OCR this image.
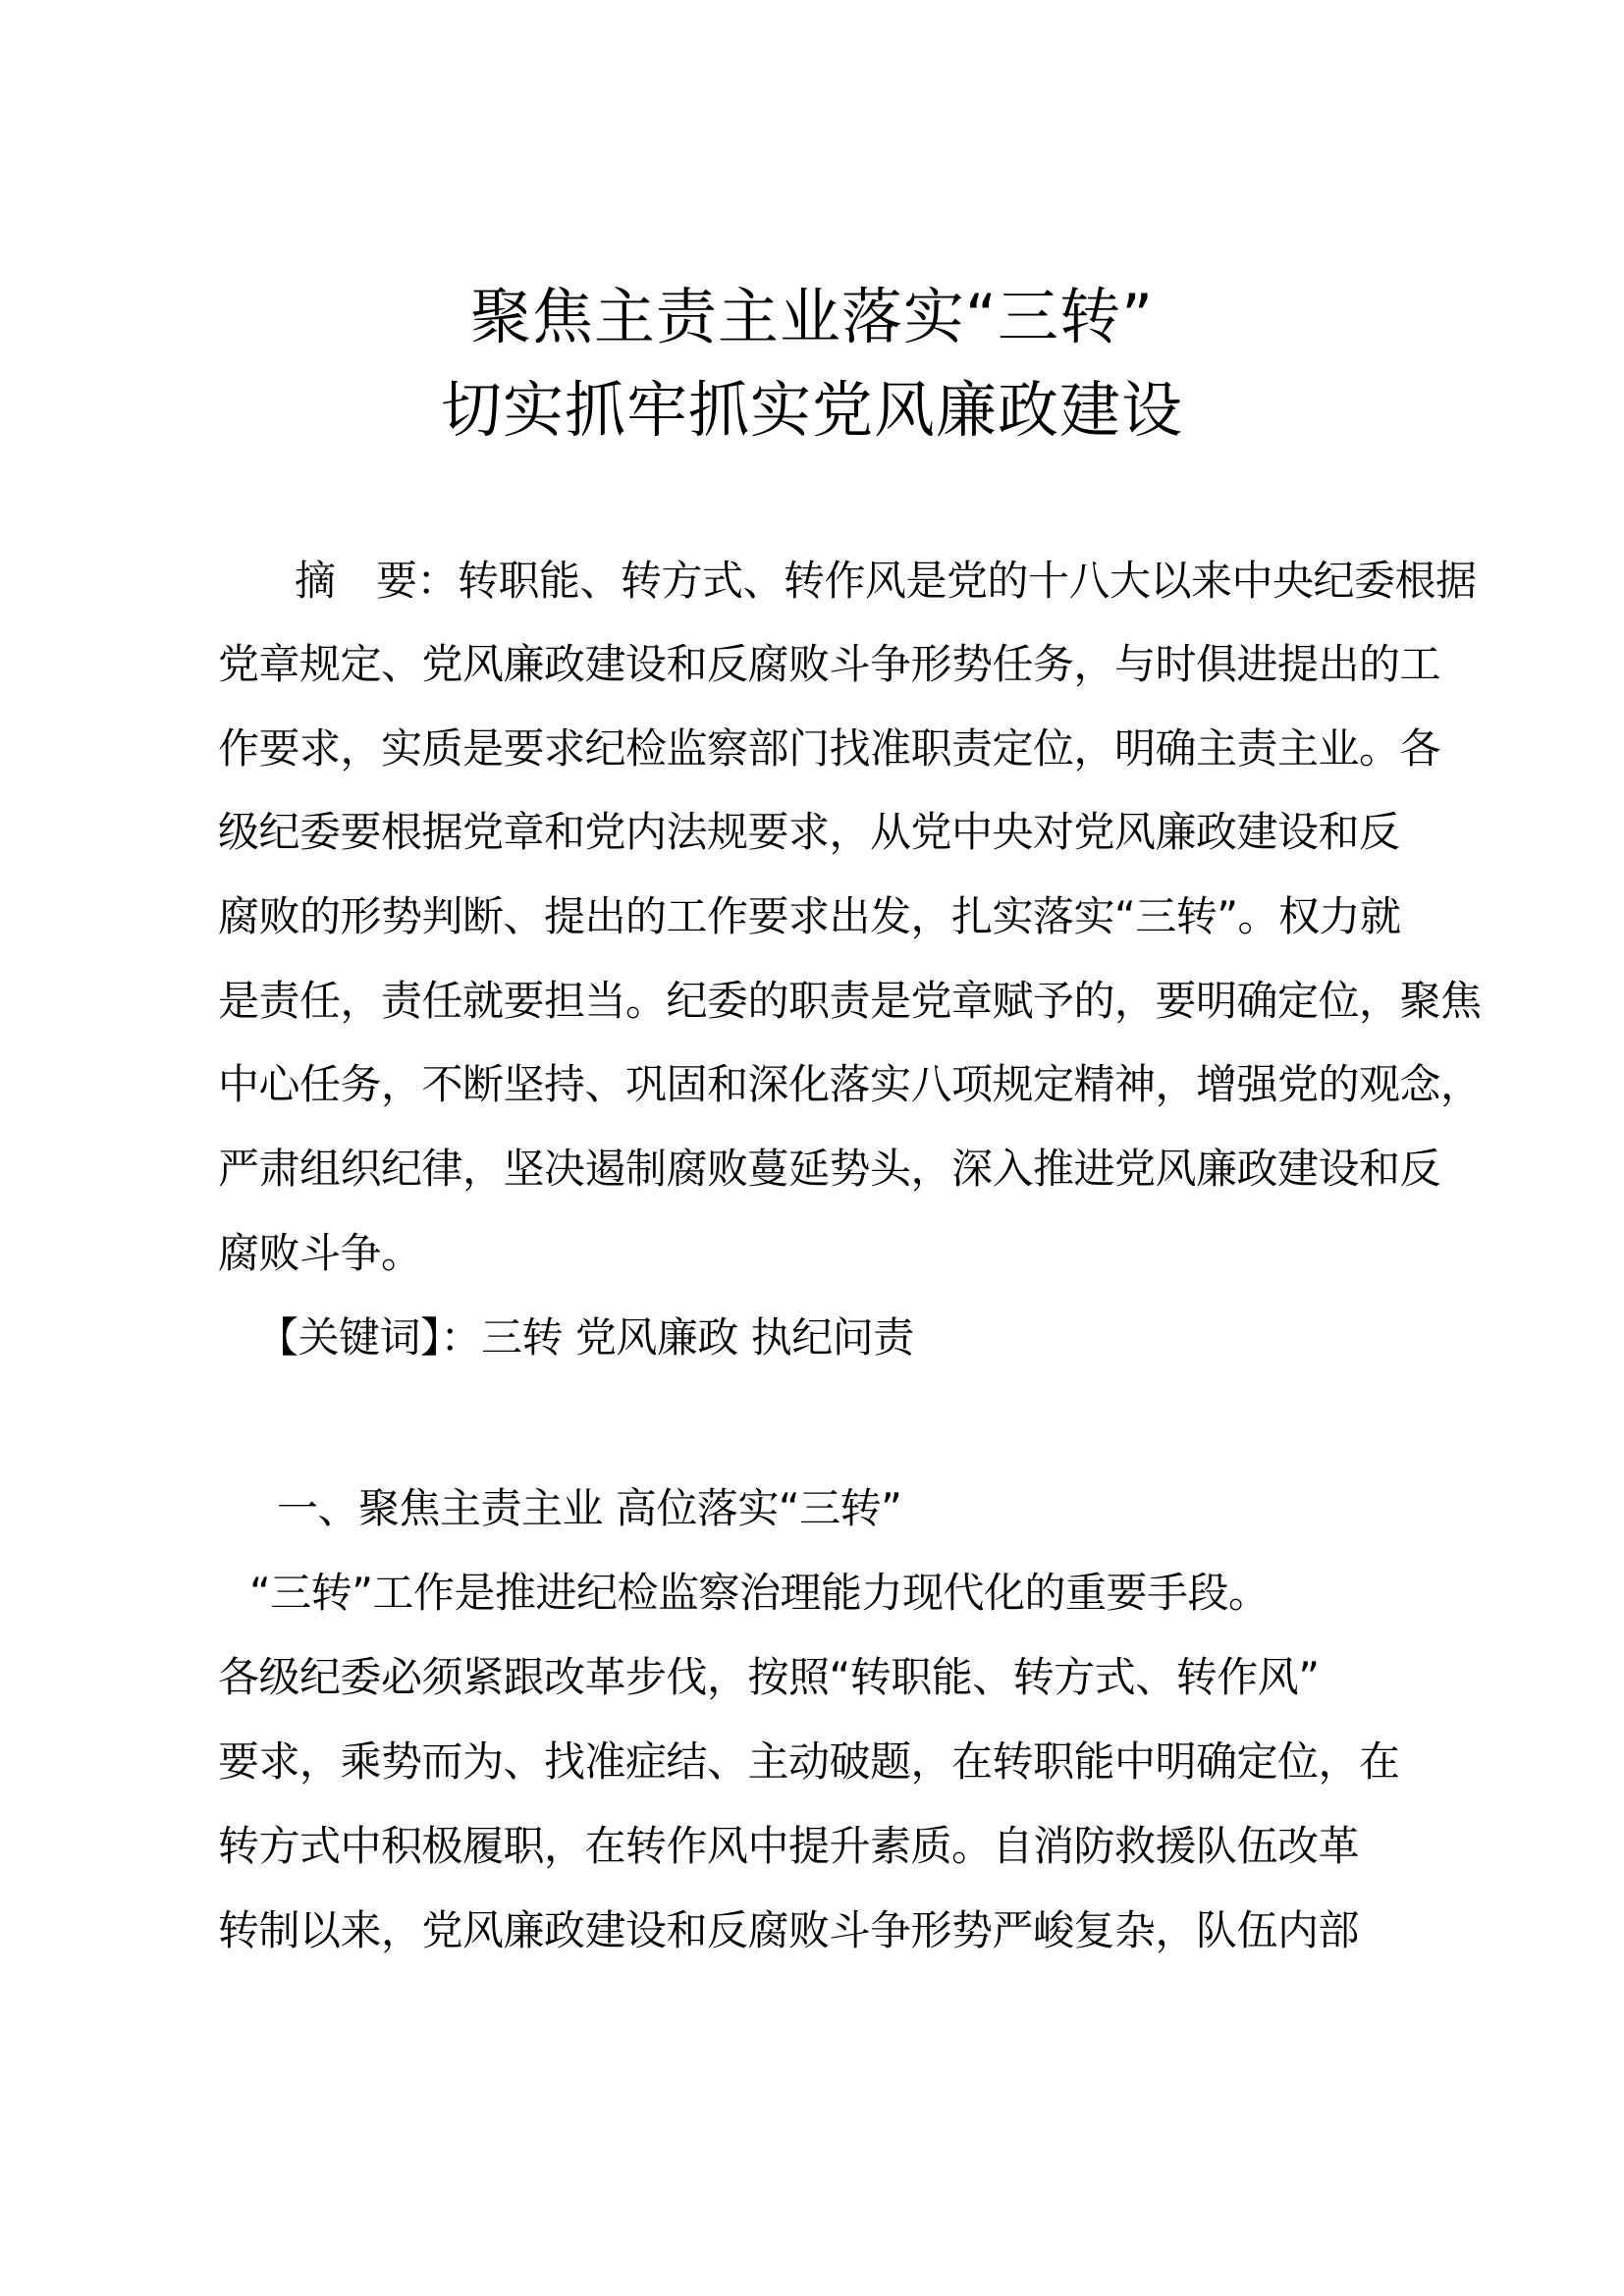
聚焦主责主业落实“三转”
切实抓牢抓实党风廉政建设
摘　要：转职能、转方式、转作风是党的十八大以来中央纪委根据
党章规定、党风廉政建设和反腐败斗争形势任务，与时俱进提出的工
作要求，实质是要求纪检监察部门找准职责定位，明确主责主业。各
级纪委要根据党章和党内法规要求，从党中央对党风廉政建设和反
腐败的形势判断、提出的工作要求出发，扎实落实“三转”。权力就
是责任，责任就要担当。纪委的职责是党章赋予的，要明确定位，聚焦
中心任务，不断坚持、巩固和深化落实八项规定精神，增强党的观念，
严肃组织纪律，坚决遏制腐败蔓延势头，深入推进党风廉政建设和反
腐败斗争。
【关键词】：三转 党风廉政 执纪问责
一、聚焦主责主业 高位落实“三转”
“三转”工作是推进纪检监察治理能力现代化的重要手段。
各级纪委必须紧跟改革步伐，按照“转职能、转方式、转作风”
要求，乘势而为、找准症结、主动破题，在转职能中明确定位，在
转方式中积极履职，在转作风中提升素质。自消防救援队伍改革
转制以来，党风廉政建设和反腐败斗争形势严峻复杂，队伍内部
